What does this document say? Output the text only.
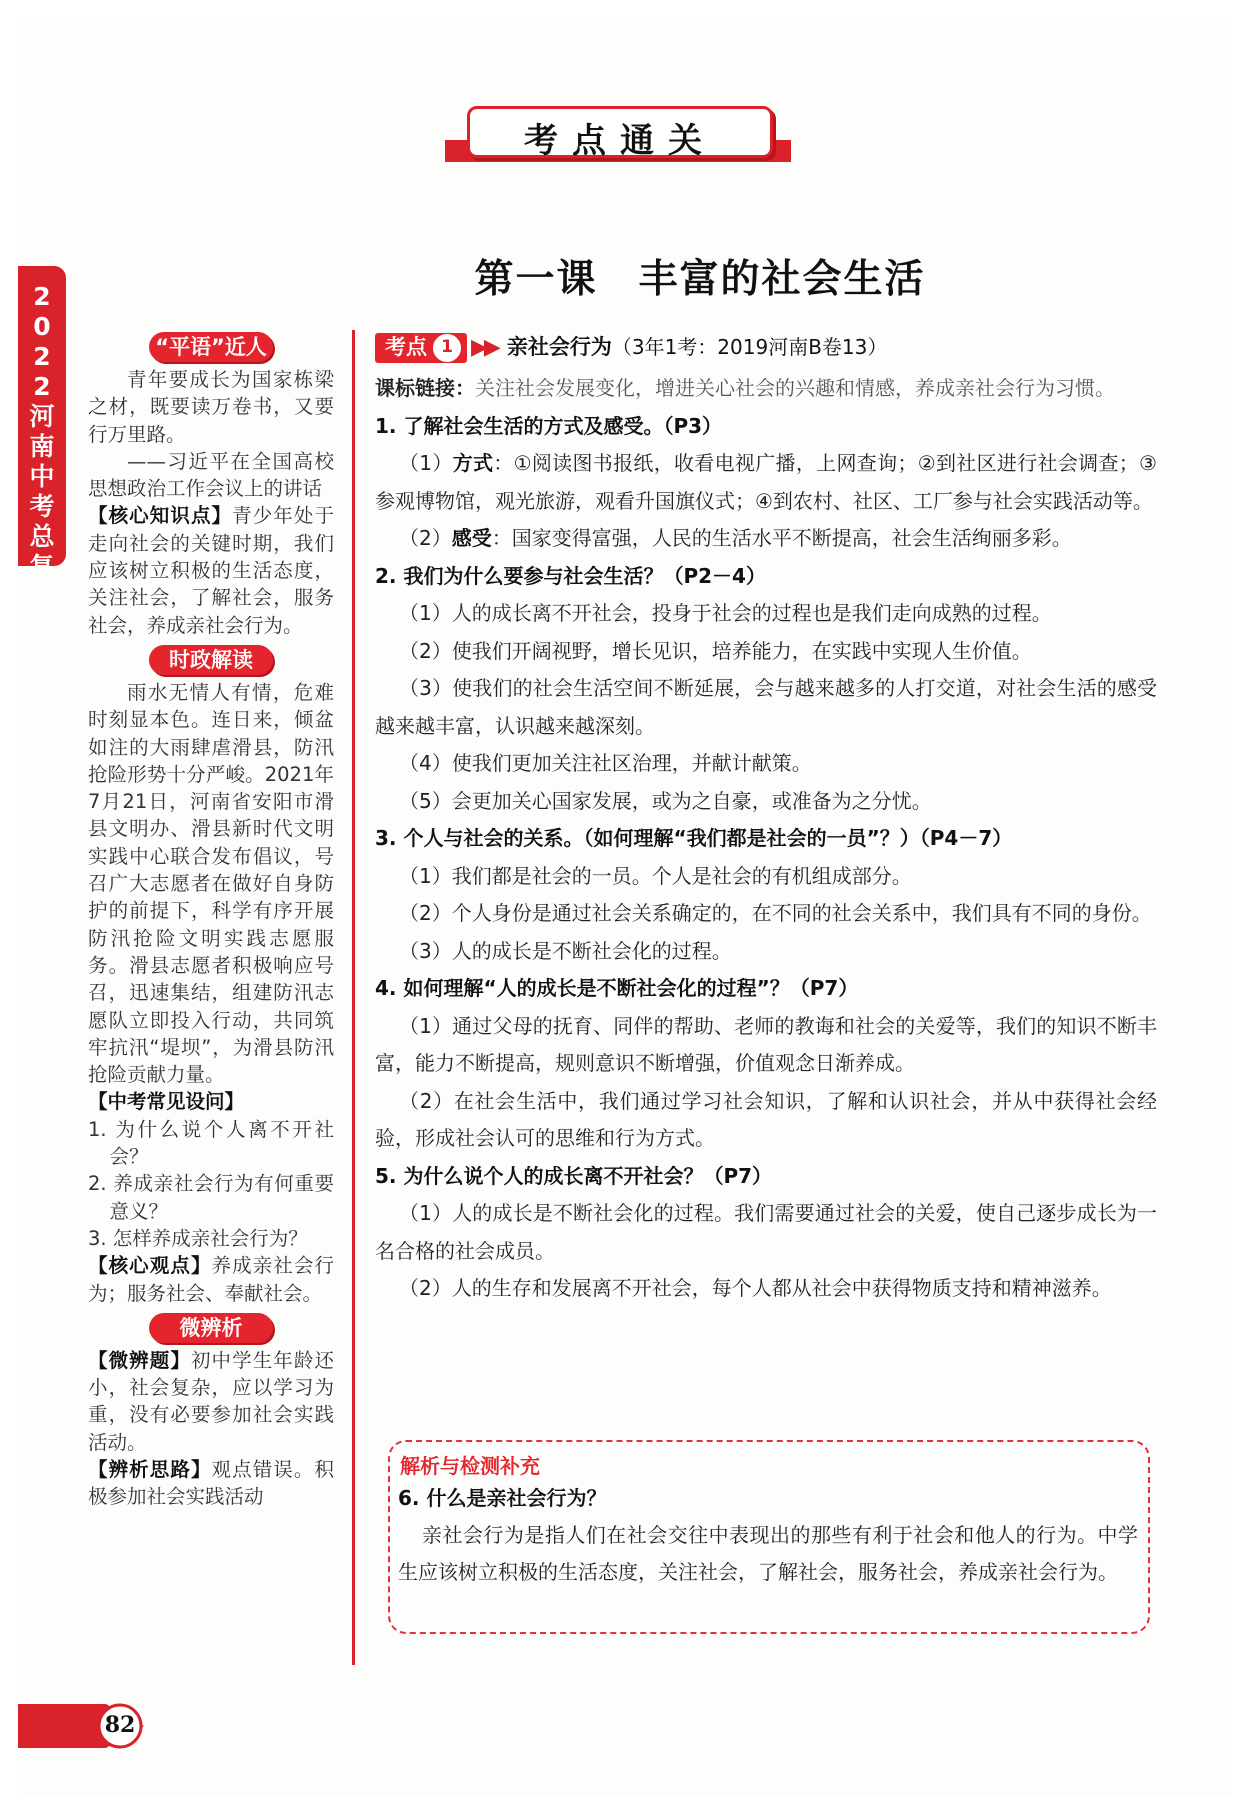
考点通关
第一课　丰富的社会生活
2022河南中考总复习
“平语”近人

青年要成长为国家栋梁之材，既要读万卷书，又要行万里路。

——习近平在全国高校思想政治工作会议上的讲话

【核心知识点】青少年处于走向社会的关键时期，我们应该树立积极的生活态度，关注社会，了解社会，服务社会，养成亲社会行为。

时政解读

雨水无情人有情，危难时刻显本色。连日来，倾盆如注的大雨肆虐滑县，防汛抢险形势十分严峻。2021年7月21日，河南省安阳市滑县文明办、滑县新时代文明实践中心联合发布倡议，号召广大志愿者在做好自身防护的前提下，科学有序开展防汛抢险文明实践志愿服务。滑县志愿者积极响应号召，迅速集结，组建防汛志愿队立即投入行动，共同筑牢抗汛“堤坝”，为滑县防汛抢险贡献力量。

【中考常见设问】

1. 为什么说个人离不开社会？

2. 养成亲社会行为有何重要意义？

3. 怎样养成亲社会行为？

【核心观点】养成亲社会行为；服务社会、奉献社会。

微辨析

【微辨题】初中学生年龄还小，社会复杂，应以学习为重，没有必要参加社会实践活动。

【辨析思路】观点错误。积极参加社会实践活动

考点 1 ▶▶ 亲社会行为 （3年1考：2019河南B卷13）
课标链接： 关注社会发展变化，增进关心社会的兴趣和情感，养成亲社会行为习惯。

1. 了解社会生活的方式及感受。（P3）

（1）方式：①阅读图书报纸，收看电视广播，上网查询；②到社区进行社会调查；③参观博物馆，观光旅游，观看升国旗仪式；④到农村、社区、工厂参与社会实践活动等。

（2）感受：国家变得富强，人民的生活水平不断提高，社会生活绚丽多彩。

2. 我们为什么要参与社会生活？（P2－4）

（1）人的成长离不开社会，投身于社会的过程也是我们走向成熟的过程。

（2）使我们开阔视野，增长见识，培养能力，在实践中实现人生价值。

（3）使我们的社会生活空间不断延展，会与越来越多的人打交道，对社会生活的感受越来越丰富，认识越来越深刻。

（4）使我们更加关注社区治理，并献计献策。

（5）会更加关心国家发展，或为之自豪，或准备为之分忧。

3. 个人与社会的关系。（如何理解“我们都是社会的一员”？）（P4－7）

（1）我们都是社会的一员。个人是社会的有机组成部分。

（2）个人身份是通过社会关系确定的，在不同的社会关系中，我们具有不同的身份。

（3）人的成长是不断社会化的过程。

4. 如何理解“人的成长是不断社会化的过程”？（P7）

（1）通过父母的抚育、同伴的帮助、老师的教诲和社会的关爱等，我们的知识不断丰富，能力不断提高，规则意识不断增强，价值观念日渐养成。

（2）在社会生活中，我们通过学习社会知识，了解和认识社会，并从中获得社会经验，形成社会认可的思维和行为方式。

5. 为什么说个人的成长离不开社会？（P7）

（1）人的成长是不断社会化的过程。我们需要通过社会的关爱，使自己逐步成长为一名合格的社会成员。

（2）人的生存和发展离不开社会，每个人都从社会中获得物质支持和精神滋养。

解析与检测补充

6. 什么是亲社会行为？

亲社会行为是指人们在社会交往中表现出的那些有利于社会和他人的行为。中学生应该树立积极的生活态度，关注社会，了解社会，服务社会，养成亲社会行为。

82
